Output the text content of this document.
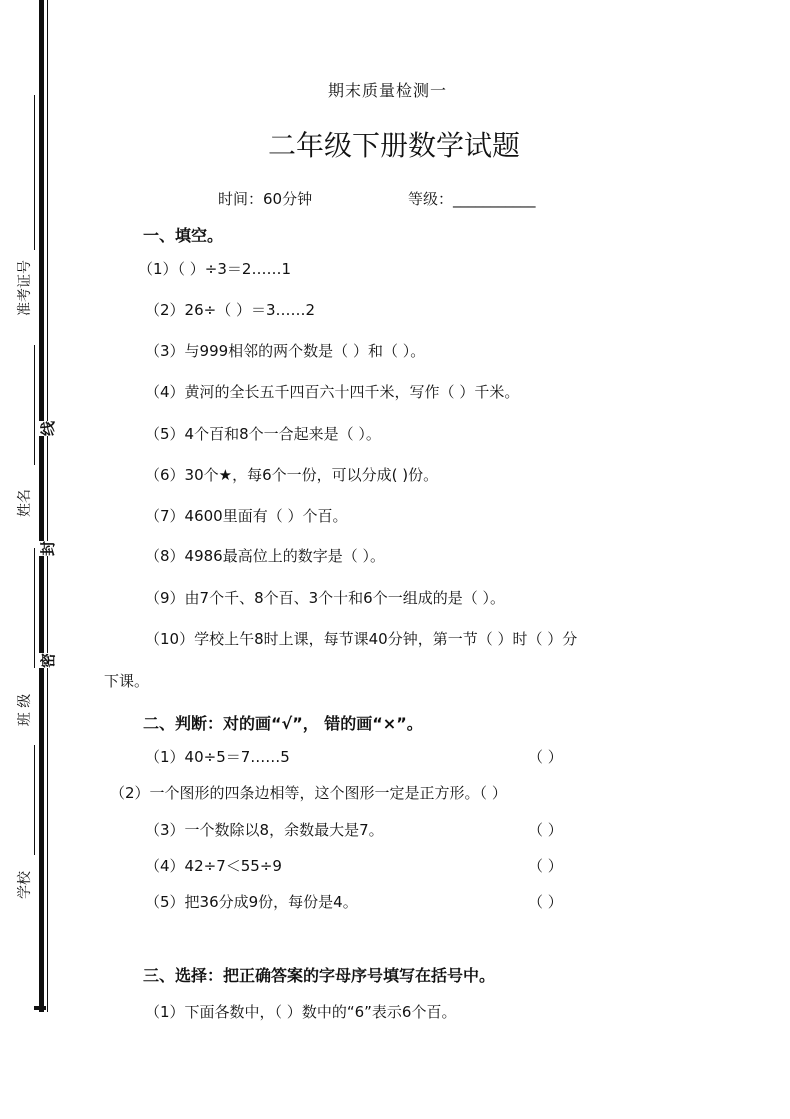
准考证号
姓名
班 级
学校
线
封
密
期末质量检测一
二年级下册数学试题
时间：60分钟	等级：___________
一、填空。
（1）（ ）÷3＝2……1
（2）26÷（ ）＝3……2
（3）与999相邻的两个数是（ ）和（ ）。
（4）黄河的全长五千四百六十四千米，写作（ ）千米。
（5）4个百和8个一合起来是（ ）。
（6）30个★，每6个一份，可以分成( )份。
（7）4600里面有（ ）个百。
（8）4986最高位上的数字是（ ）。
（9）由7个千、8个百、3个十和6个一组成的是（ ）。
（10）学校上午8时上课，每节课40分钟，第一节（ ）时（ ）分
下课。
二、判断：对的画“√”， 错的画“×”。
（1）40÷5＝7……5	（ ）
（2）一个图形的四条边相等，这个图形一定是正方形。（ ）
（3）一个数除以8，余数最大是7。	（ ）
（4）42÷7＜55÷9	（ ）
（5）把36分成9份，每份是4。	（ ）
三、选择：把正确答案的字母序号填写在括号中。
（1）下面各数中，（ ）数中的“6”表示6个百。
